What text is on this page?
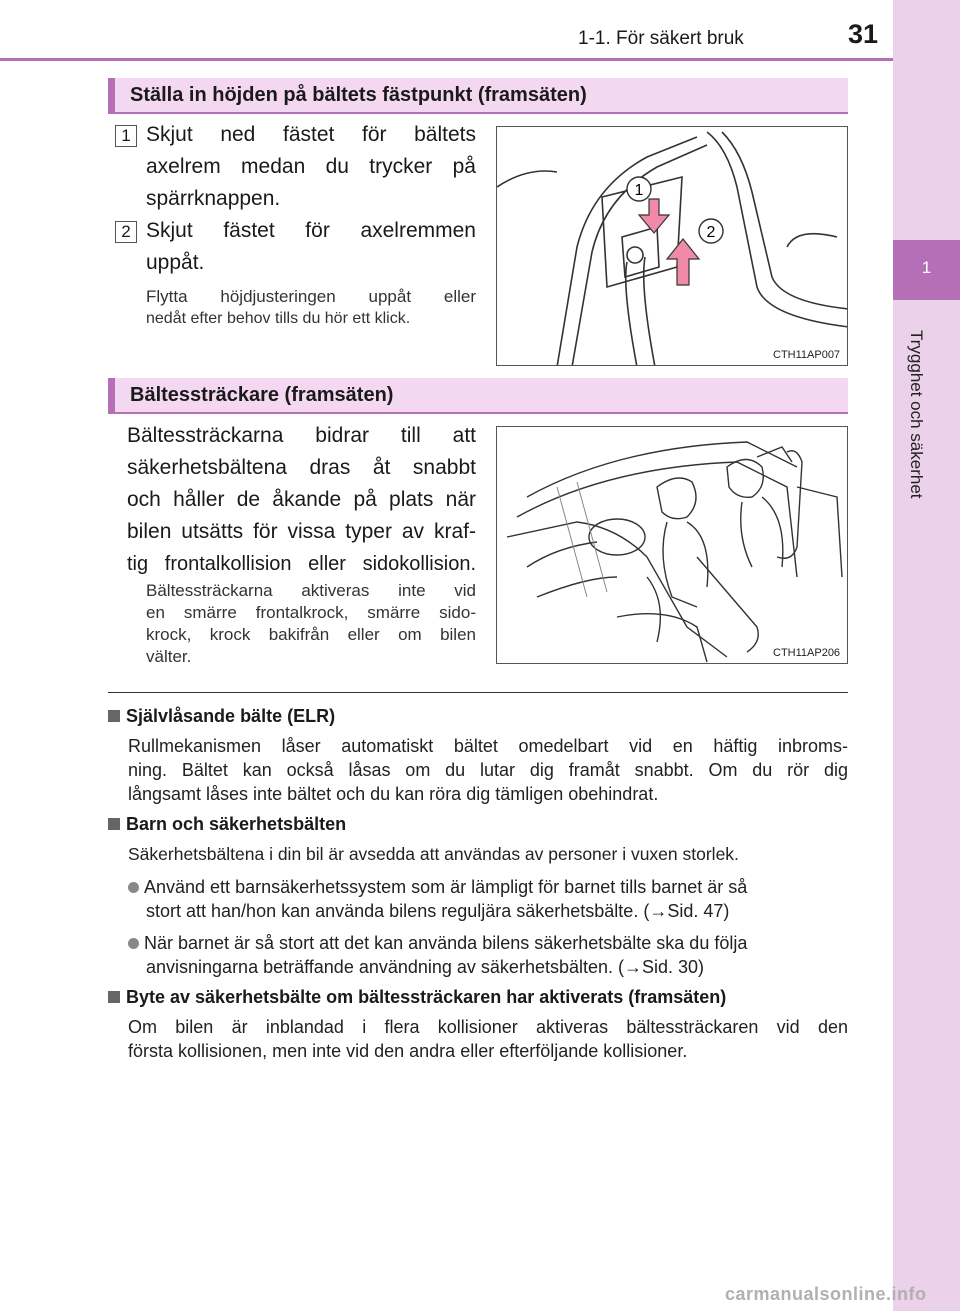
1
Trygghet och säkerhet
1-1. För säkert bruk	31
Ställa in höjden på bältets fästpunkt (framsäten)
1 Skjut ned fästet för bältets
axelrem medan du trycker på
spärrknappen.
2 Skjut fästet för axelremmen
uppåt.
Flytta höjdjusteringen uppåt eller
nedåt efter behov tills du hör ett klick.
1
2
CTH11AP007
Bältessträckare (framsäten)
Bältessträckarna bidrar till att
säkerhetsbältena dras åt snabbt
och håller de åkande på plats när
bilen utsätts för vissa typer av kraf-
tig frontalkollision eller sidokollision.
Bältessträckarna aktiveras inte vid
en smärre frontalkrock, smärre sido-
krock, krock bakifrån eller om bilen
välter.	CTH11AP206
Självlåsande bälte (ELR)
Rullmekanismen låser automatiskt bältet omedelbart vid en häftig inbroms-
ning. Bältet kan också låsas om du lutar dig framåt snabbt. Om du rör dig
långsamt låses inte bältet och du kan röra dig tämligen obehindrat.
Barn och säkerhetsbälten
Säkerhetsbältena i din bil är avsedda att användas av personer i vuxen storlek.
Använd ett barnsäkerhetssystem som är lämpligt för barnet tills barnet är så
stort att han/hon kan använda bilens reguljära säkerhetsbälte. (→Sid. 47)
När barnet är så stort att det kan använda bilens säkerhetsbälte ska du följa
anvisningarna beträffande användning av säkerhetsbälten. (→Sid. 30)
Byte av säkerhetsbälte om bältessträckaren har aktiverats (framsäten)
Om bilen är inblandad i flera kollisioner aktiveras bältessträckaren vid den
första kollisionen, men inte vid den andra eller efterföljande kollisioner.
carmanualsonline.info
